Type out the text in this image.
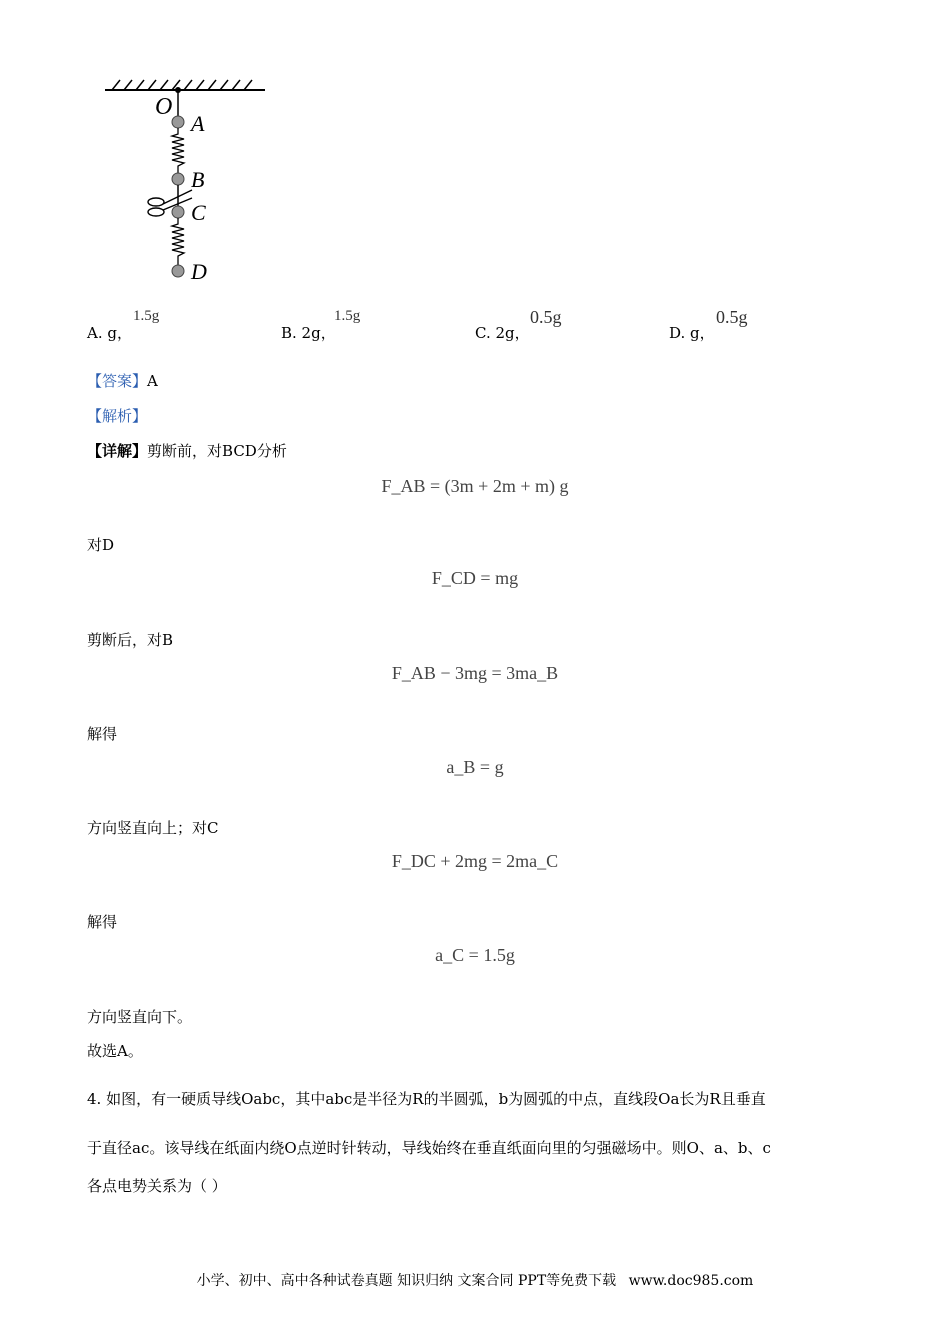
O
A
B
C
D
A. g，
1.5g
B. 2g，
1.5g
C. 2g，
0.5g
D. g，
0.5g
【答案】A
【解析】
【详解】剪断前，对BCD分析
F_AB = (3m + 2m + m) g
对D
F_CD = mg
剪断后，对B
F_AB − 3mg = 3ma_B
解得
a_B = g
方向竖直向上；对C
F_DC + 2mg = 2ma_C
解得
a_C = 1.5g
方向竖直向下。
故选A。
4. 如图，有一硬质导线Oabc，其中abc是半径为R的半圆弧，b为圆弧的中点，直线段Oa长为R且垂直
于直径ac。该导线在纸面内绕O点逆时针转动，导线始终在垂直纸面向里的匀强磁场中。则O、a、b、c
各点电势关系为（ ）
小学、初中、高中各种试卷真题 知识归纳 文案合同 PPT等免费下载 www.doc985.com
